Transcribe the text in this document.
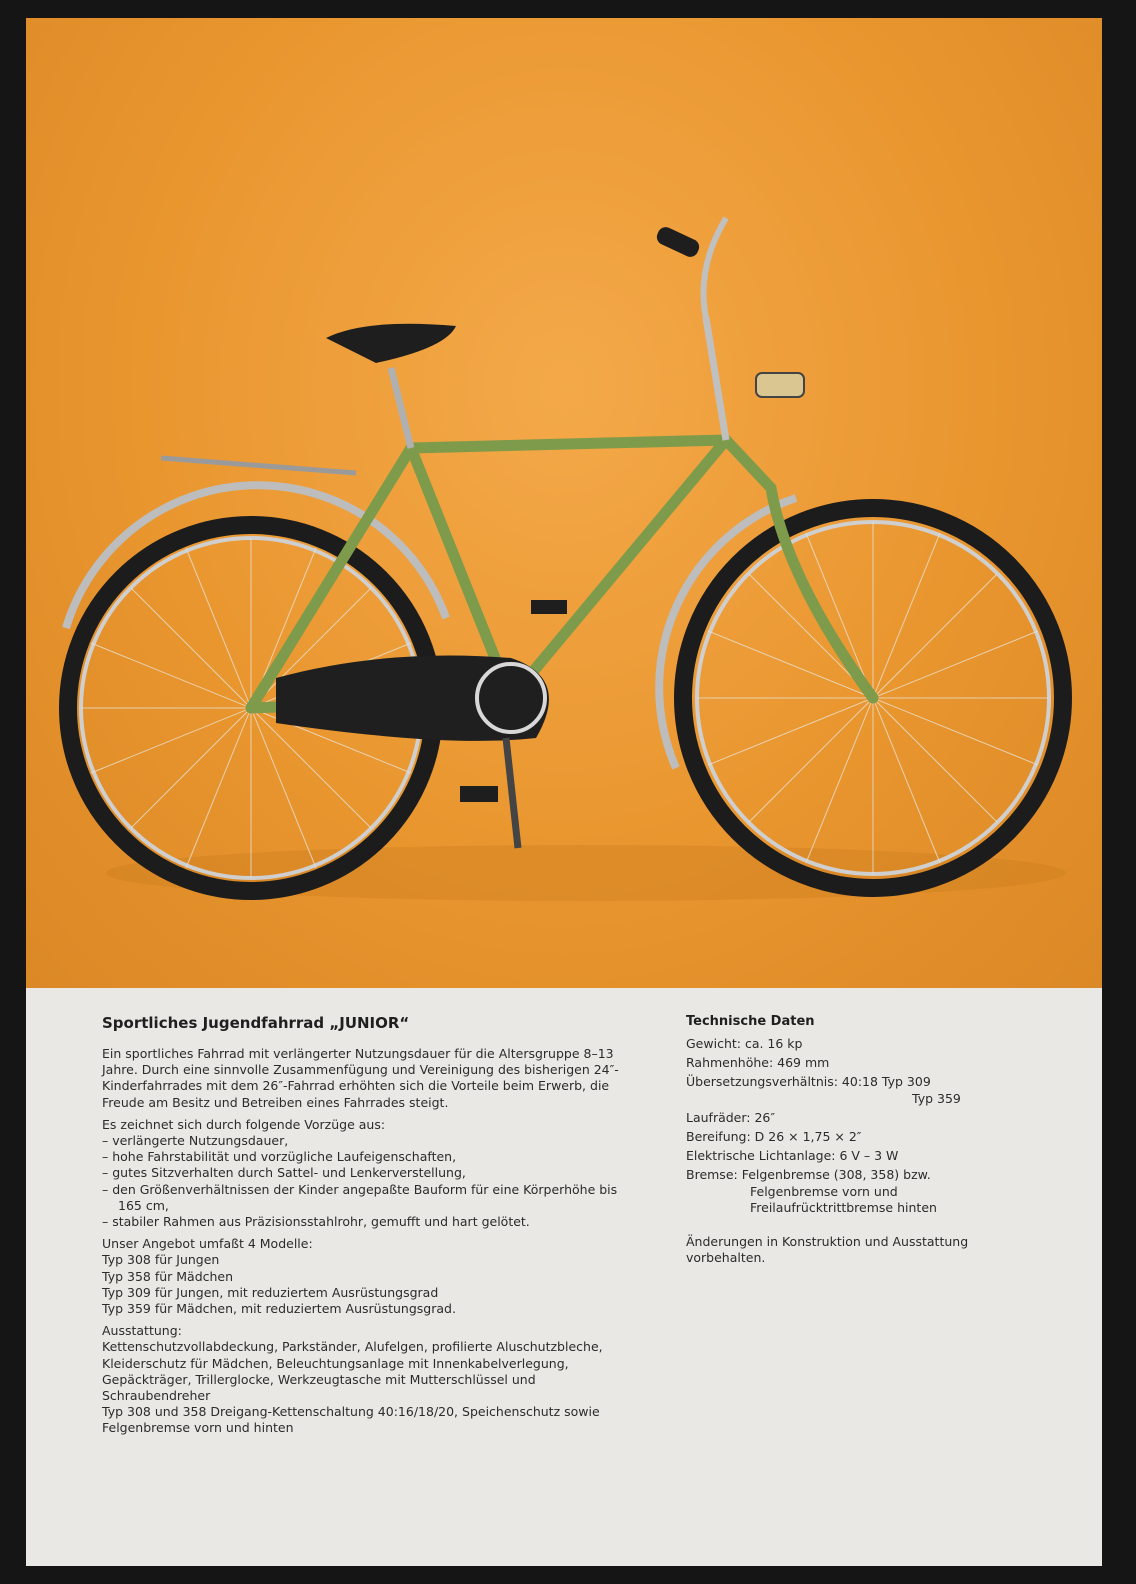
Sportliches Jugendfahrrad „JUNIOR“

Ein sportliches Fahrrad mit verlängerter Nutzungsdauer für die Altersgruppe 8–13 Jahre. Durch eine sinnvolle Zusammenfügung und Vereinigung des bisherigen 24″-Kinderfahrrades mit dem 26″-Fahrrad erhöhten sich die Vorteile beim Erwerb, die Freude am Besitz und Betreiben eines Fahrrades steigt.

Es zeichnet sich durch folgende Vorzüge aus:

– verlängerte Nutzungsdauer,
– hohe Fahrstabilität und vorzügliche Laufeigenschaften,
– gutes Sitzverhalten durch Sattel- und Lenkerverstellung,
– den Größenverhältnissen der Kinder angepaßte Bauform für eine Körperhöhe bis 165 cm,
– stabiler Rahmen aus Präzisionsstahlrohr, gemufft und hart gelötet.

Unser Angebot umfaßt 4 Modelle:

Typ 308 für Jungen
Typ 358 für Mädchen
Typ 309 für Jungen, mit reduziertem Ausrüstungsgrad
Typ 359 für Mädchen, mit reduziertem Ausrüstungsgrad.

Ausstattung:

Kettenschutzvollabdeckung, Parkständer, Alufelgen, profilierte Aluschutzbleche, Kleiderschutz für Mädchen, Beleuchtungsanlage mit Innenkabelverlegung, Gepäckträger, Trillerglocke, Werkzeugtasche mit Mutterschlüssel und Schraubendreher

Typ 308 und 358 Dreigang-Kettenschaltung 40:16/18/20, Speichenschutz sowie Felgenbremse vorn und hinten

Technische Daten
Gewicht: ca. 16 kp
Rahmenhöhe: 469 mm
Übersetzungsverhältnis: 40:18 Typ 309
Typ 359
Laufräder: 26″
Bereifung: D 26 × 1,75 × 2″
Elektrische Lichtanlage: 6 V – 3 W
Bremse: Felgenbremse (308, 358) bzw.
Felgenbremse vorn und
Freilaufrücktrittbremse hinten
Änderungen in Konstruktion und Ausstattung vorbehalten.
